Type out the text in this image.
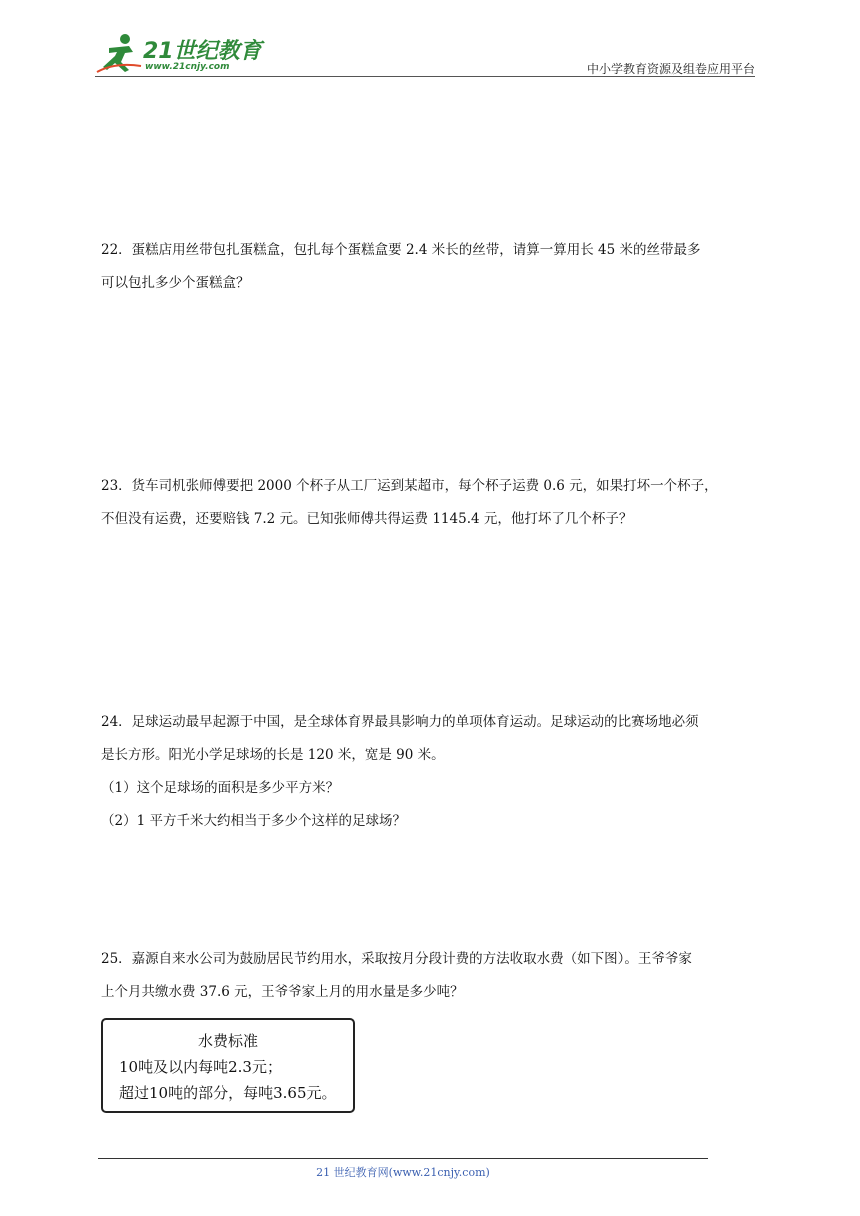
21世纪教育
www.21cnjy.com	中小学教育资源及组卷应用平台

22．蛋糕店用丝带包扎蛋糕盒，包扎每个蛋糕盒要 2.4 米长的丝带，请算一算用长 45 米的丝带最多

可以包扎多少个蛋糕盒？

23．货车司机张师傅要把 2000 个杯子从工厂运到某超市，每个杯子运费 0.6 元，如果打坏一个杯子，

不但没有运费，还要赔钱 7.2 元。已知张师傅共得运费 1145.4 元，他打坏了几个杯子？

24．足球运动最早起源于中国，是全球体育界最具影响力的单项体育运动。足球运动的比赛场地必须

是长方形。阳光小学足球场的长是 120 米，宽是 90 米。

（1）这个足球场的面积是多少平方米？

（2）1 平方千米大约相当于多少个这样的足球场？

25．嘉源自来水公司为鼓励居民节约用水，采取按月分段计费的方法收取水费（如下图）。王爷爷家

上个月共缴水费 37.6 元，王爷爷家上月的用水量是多少吨？

水费标准
10吨及以内每吨2.3元；
超过10吨的部分，每吨3.65元。
21 世纪教育网(www.21cnjy.com)
